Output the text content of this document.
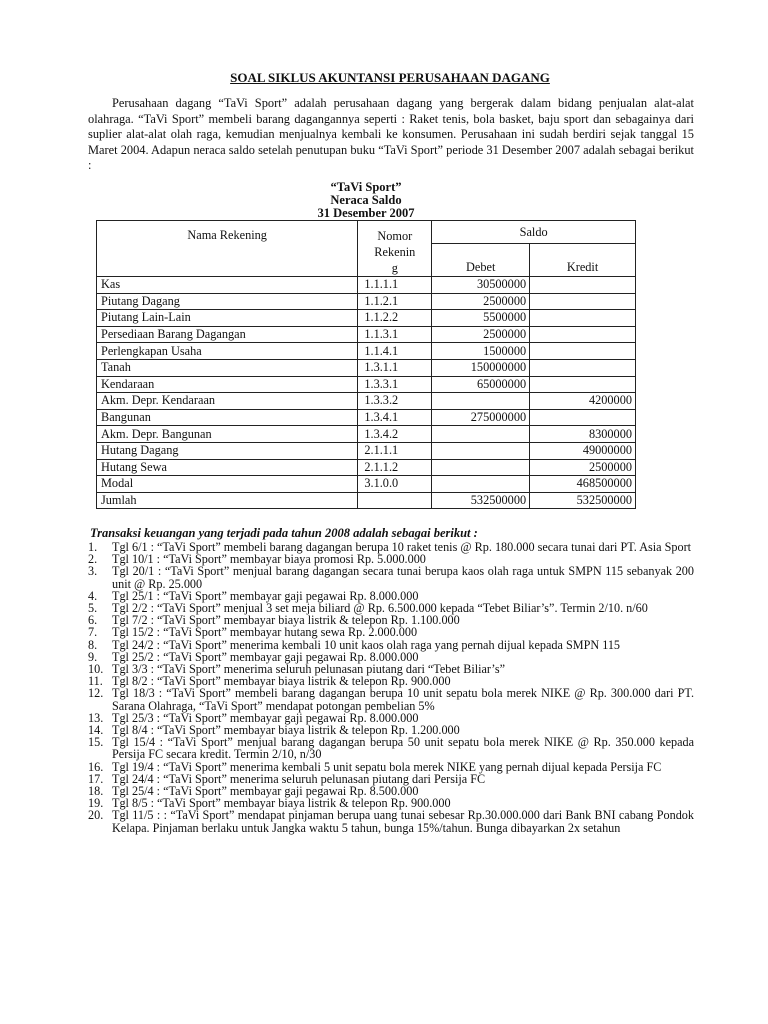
SOAL SIKLUS AKUNTANSI PERUSAHAAN DAGANG

Perusahaan dagang “TaVi Sport” adalah perusahaan dagang yang bergerak dalam bidang penjualan alat-alat olahraga. “TaVi Sport” membeli barang dagangannya seperti : Raket tenis, bola basket, baju sport dan sebagainya dari suplier alat-alat olah raga, kemudian menjualnya kembali ke konsumen. Perusahaan ini sudah berdiri sejak tanggal 15 Maret 2004. Adapun neraca saldo setelah penutupan buku “TaVi Sport” periode 31 Desember 2007 adalah sebagai berikut :

“TaVi Sport”
Neraca Saldo
31 Desember 2007
Nama Rekening	Nomor
Rekenin
g	Saldo	
		Debet	Kredit
Kas	1.1.1.1	30500000	
Piutang Dagang	1.1.2.1	2500000	
Piutang Lain-Lain	1.1.2.2	5500000	
Persediaan Barang Dagangan	1.1.3.1	2500000	
Perlengkapan Usaha	1.1.4.1	1500000	
Tanah	1.3.1.1	150000000	
Kendaraan	1.3.3.1	65000000	
Akm. Depr. Kendaraan	1.3.3.2		4200000
Bangunan	1.3.4.1	275000000	
Akm. Depr. Bangunan	1.3.4.2		8300000
Hutang Dagang	2.1.1.1		49000000
Hutang Sewa	2.1.1.2		2500000
Modal	3.1.0.0		468500000
Jumlah		532500000	532500000
Transaksi keuangan yang terjadi pada tahun 2008 adalah sebagai berikut :
1. Tgl 6/1 : “TaVi Sport” membeli barang dagangan berupa 10 raket tenis @ Rp. 180.000 secara tunai dari PT. Asia Sport
2. Tgl 10/1 : “TaVi Sport” membayar biaya promosi Rp. 5.000.000
3. Tgl 20/1 : “TaVi Sport” menjual barang dagangan secara tunai berupa kaos olah raga untuk SMPN 115 sebanyak 200 unit @ Rp. 25.000
4. Tgl 25/1 : “TaVi Sport” membayar gaji pegawai Rp. 8.000.000
5. Tgl 2/2 : “TaVi Sport” menjual 3 set meja biliard @ Rp. 6.500.000 kepada “Tebet Biliar’s”. Termin 2/10. n/60
6. Tgl 7/2 : “TaVi Sport” membayar biaya listrik & telepon Rp. 1.100.000
7. Tgl 15/2 : “TaVi Sport” membayar hutang sewa Rp. 2.000.000
8. Tgl 24/2 : “TaVi Sport” menerima kembali 10 unit kaos olah raga yang pernah dijual kepada SMPN 115
9. Tgl 25/2 : “TaVi Sport” membayar gaji pegawai Rp. 8.000.000
10. Tgl 3/3 : “TaVi Sport” menerima seluruh pelunasan piutang dari “Tebet Biliar’s”
11. Tgl 8/2 : “TaVi Sport” membayar biaya listrik & telepon Rp. 900.000
12. Tgl 18/3 : “TaVi Sport” membeli barang dagangan berupa 10 unit sepatu bola merek NIKE @ Rp. 300.000 dari PT. Sarana Olahraga, “TaVi Sport” mendapat potongan pembelian 5%
13. Tgl 25/3 : “TaVi Sport” membayar gaji pegawai Rp. 8.000.000
14. Tgl 8/4 : “TaVi Sport” membayar biaya listrik & telepon Rp. 1.200.000
15. Tgl 15/4 : “TaVi Sport” menjual barang dagangan berupa 50 unit sepatu bola merek NIKE @ Rp. 350.000 kepada Persija FC secara kredit. Termin 2/10, n/30
16. Tgl 19/4 : “TaVi Sport” menerima kembali 5 unit sepatu bola merek NIKE yang pernah dijual kepada Persija FC
17. Tgl 24/4 : “TaVi Sport” menerima seluruh pelunasan piutang dari Persija FC
18. Tgl 25/4 : “TaVi Sport” membayar gaji pegawai Rp. 8.500.000
19. Tgl 8/5 : “TaVi Sport” membayar biaya listrik & telepon Rp. 900.000
20. Tgl 11/5 : : “TaVi Sport” mendapat pinjaman berupa uang tunai sebesar Rp.30.000.000 dari Bank BNI cabang Pondok Kelapa. Pinjaman berlaku untuk Jangka waktu 5 tahun, bunga 15%/tahun. Bunga dibayarkan 2x setahun
